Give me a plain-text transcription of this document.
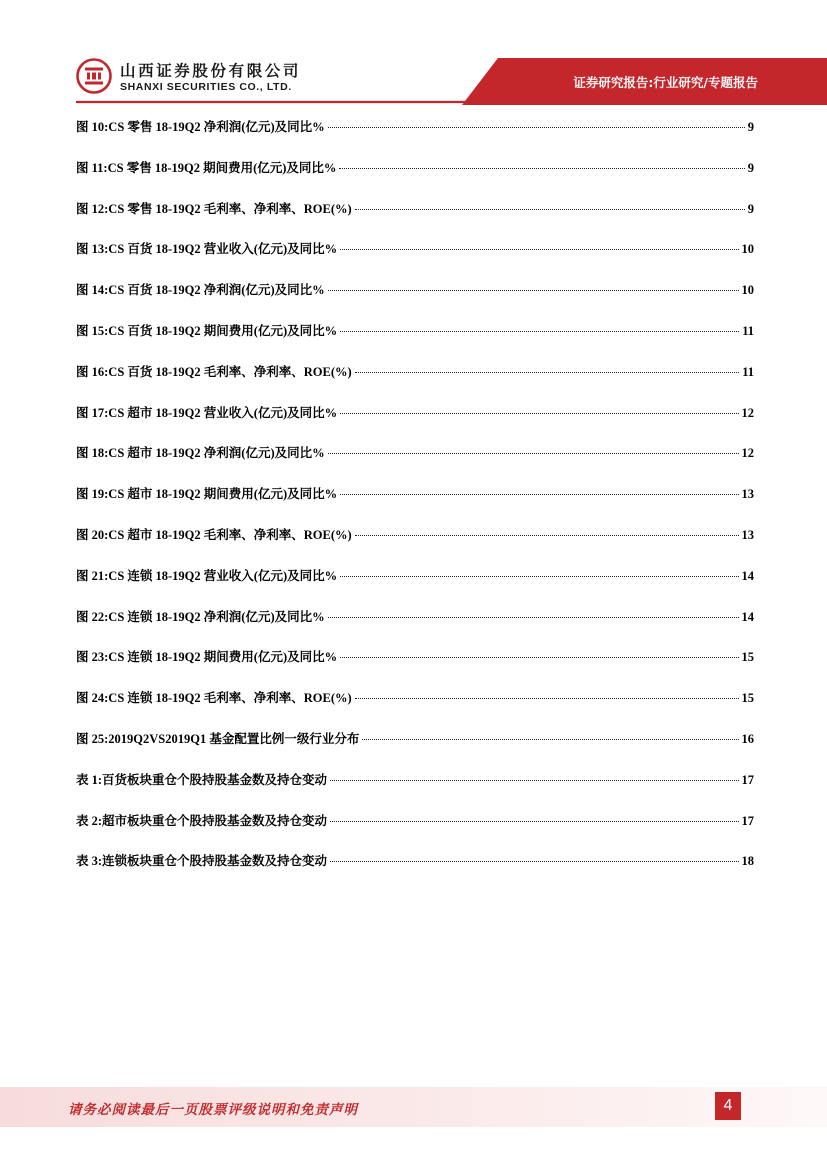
山西证券股份有限公司
SHANXI SECURITIES CO., LTD.	证券研究报告:行业研究/专题报告
图 10:CS 零售 18-19Q2 净利润(亿元)及同比%	9
图 11:CS 零售 18-19Q2 期间费用(亿元)及同比%	9
图 12:CS 零售 18-19Q2 毛利率、净利率、ROE(%)	9
图 13:CS 百货 18-19Q2 营业收入(亿元)及同比%	10
图 14:CS 百货 18-19Q2 净利润(亿元)及同比%	10
图 15:CS 百货 18-19Q2 期间费用(亿元)及同比%	11
图 16:CS 百货 18-19Q2 毛利率、净利率、ROE(%)	11
图 17:CS 超市 18-19Q2 营业收入(亿元)及同比%	12
图 18:CS 超市 18-19Q2 净利润(亿元)及同比%	12
图 19:CS 超市 18-19Q2 期间费用(亿元)及同比%	13
图 20:CS 超市 18-19Q2 毛利率、净利率、ROE(%)	13
图 21:CS 连锁 18-19Q2 营业收入(亿元)及同比%	14
图 22:CS 连锁 18-19Q2 净利润(亿元)及同比%	14
图 23:CS 连锁 18-19Q2 期间费用(亿元)及同比%	15
图 24:CS 连锁 18-19Q2 毛利率、净利率、ROE(%)	15
图 25:2019Q2VS2019Q1 基金配置比例一级行业分布	16
表 1:百货板块重仓个股持股基金数及持仓变动	17
表 2:超市板块重仓个股持股基金数及持仓变动	17
表 3:连锁板块重仓个股持股基金数及持仓变动	18
请务必阅读最后一页股票评级说明和免责声明	4
